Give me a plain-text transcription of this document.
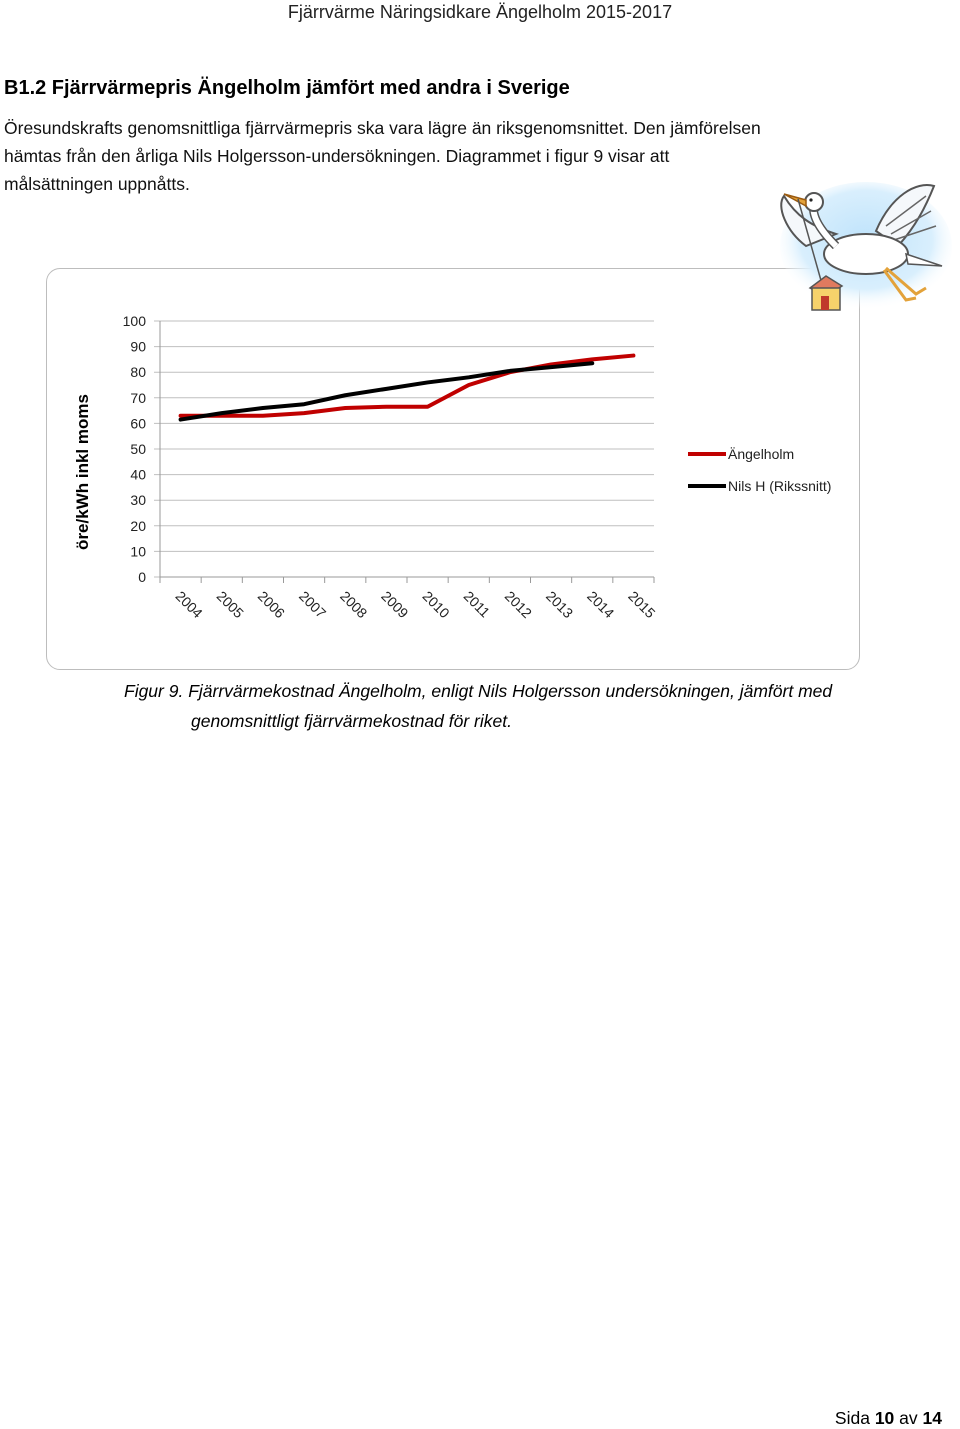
Fjärrvärme Näringsidkare Ängelholm 2015-2017
B1.2 Fjärrvärmepris Ängelholm jämfört med andra i Sverige
Öresundskrafts genomsnittliga fjärrvärmepris ska vara lägre än riksgenomsnittet. Den jämförelsen hämtas från den årliga Nils Holgersson-undersökningen. Diagrammet i figur 9 visar att målsättningen uppnåtts.
100
90
80
70
60
50
40
30
20
10
0
2004 2005 2006 2007 2008 2009 2010 2011 2012 2013 2014 2015
Ängelholm
Nils H (Rikssnitt)
öre/kWh inkl moms
Figur 9. Fjärrvärmekostnad Ängelholm, enligt Nils Holgersson undersökningen, jämfört med
genomsnittligt fjärrvärmekostnad för riket.
Sida 10 av 14
